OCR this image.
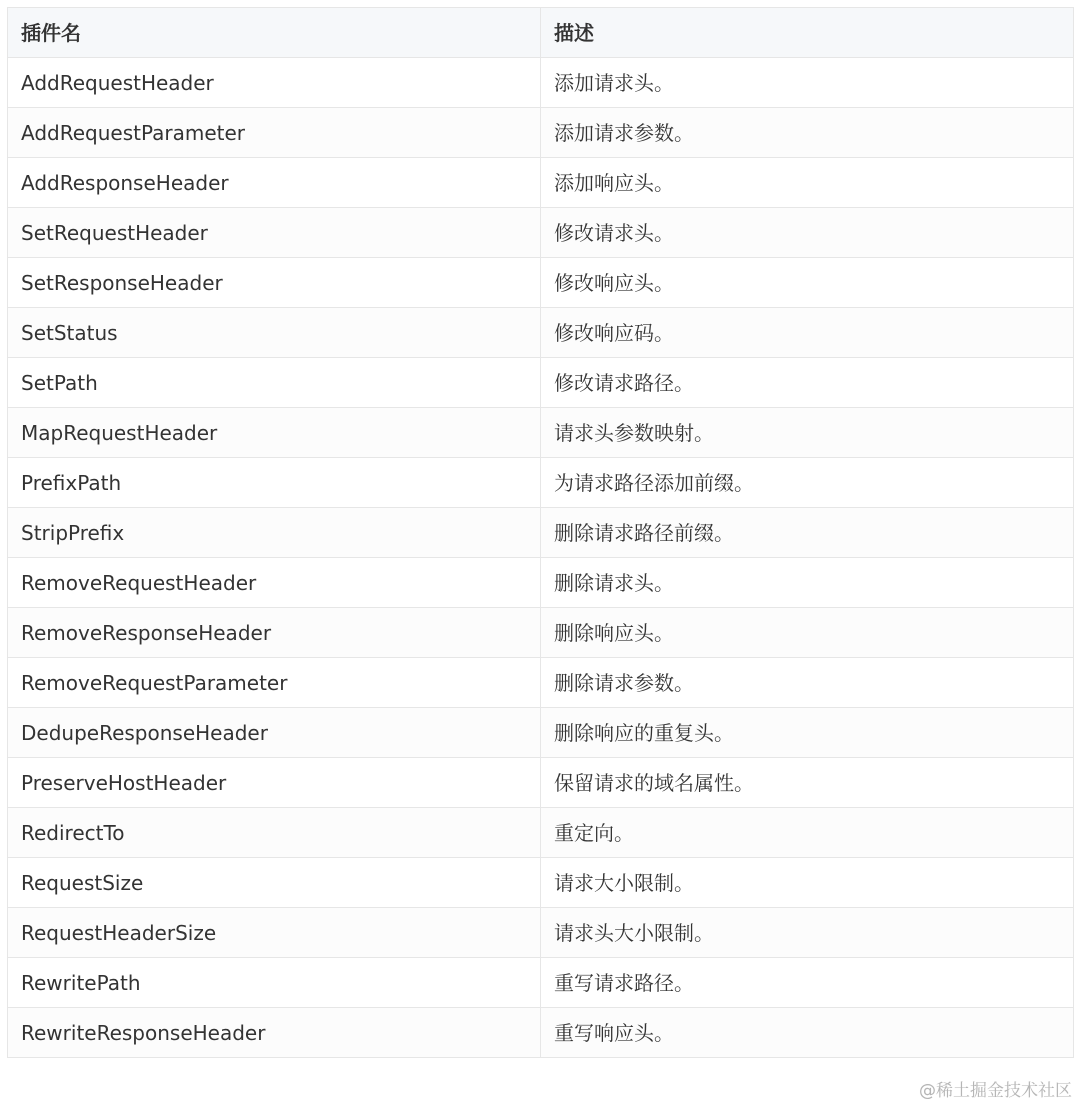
插件名	描述
AddRequestHeader	添加请求头。
AddRequestParameter	添加请求参数。
AddResponseHeader	添加响应头。
SetRequestHeader	修改请求头。
SetResponseHeader	修改响应头。
SetStatus	修改响应码。
SetPath	修改请求路径。
MapRequestHeader	请求头参数映射。
PrefixPath	为请求路径添加前缀。
StripPrefix	删除请求路径前缀。
RemoveRequestHeader	删除请求头。
RemoveResponseHeader	删除响应头。
RemoveRequestParameter	删除请求参数。
DedupeResponseHeader	删除响应的重复头。
PreserveHostHeader	保留请求的域名属性。
RedirectTo	重定向。
RequestSize	请求大小限制。
RequestHeaderSize	请求头大小限制。
RewritePath	重写请求路径。
RewriteResponseHeader	重写响应头。
@稀土掘金技术社区
